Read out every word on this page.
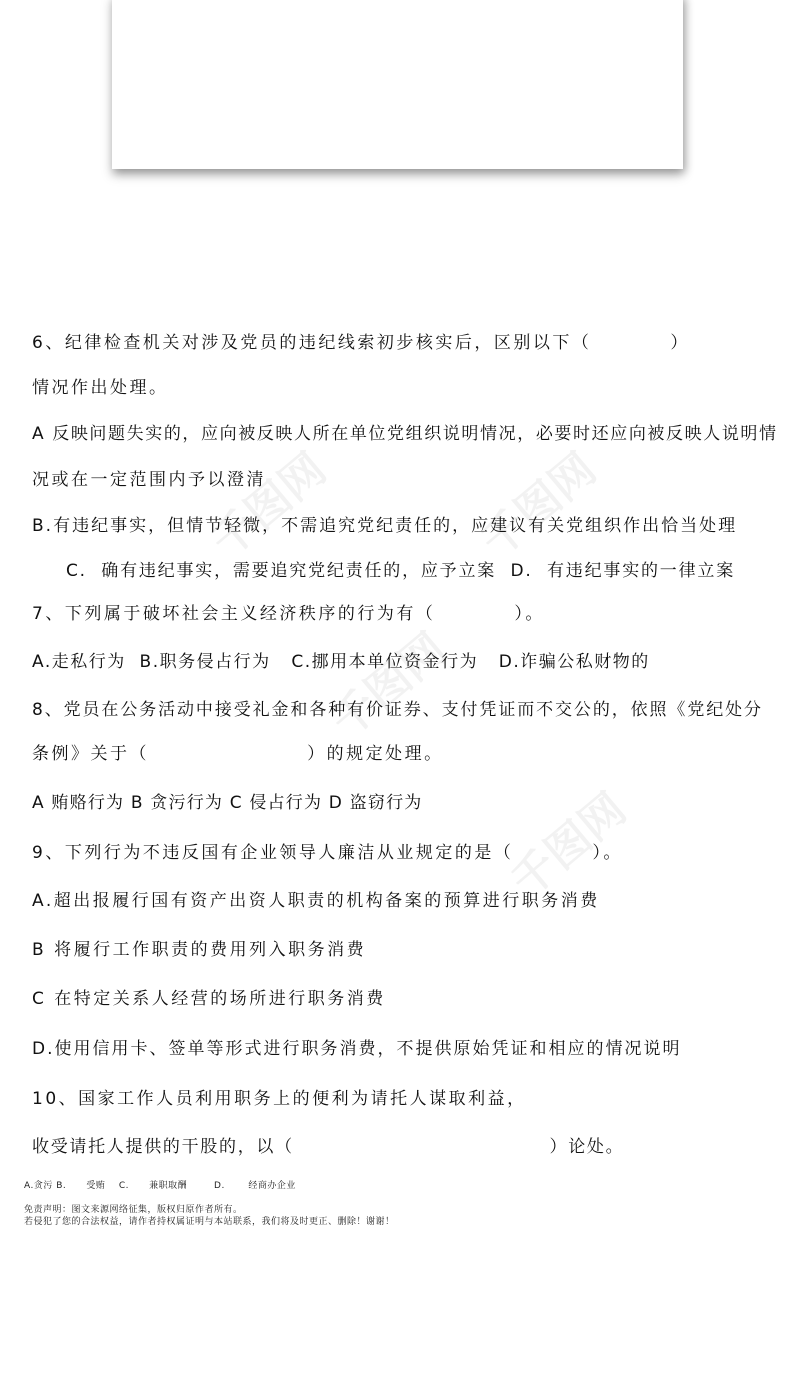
千图网	千图网
千图网
千图网
6、纪律检查机关对涉及党员的违纪线索初步核实后，区别以下（          ）
情况作出处理。
A 反映问题失实的，应向被反映人所在单位党组织说明情况，必要时还应向被反映人说明情
况或在一定范围内予以澄清
B.有违纪事实，但情节轻微，不需追究党纪责任的，应建议有关党组织作出恰当处理
C.  确有违纪事实，需要追究党纪责任的，应予立案  D.  有违纪事实的一律立案
7、下列属于破坏社会主义经济秩序的行为有（          ）。
A.走私行为  B.职务侵占行为   C.挪用本单位资金行为   D.诈骗公私财物的
8、党员在公务活动中接受礼金和各种有价证券、支付凭证而不交公的，依照《党纪处分
条例》关于（                    ）的规定处理。
A 贿赂行为 B 贪污行为 C 侵占行为 D 盗窃行为
9、下列行为不违反国有企业领导人廉洁从业规定的是（          ）。
A.超出报履行国有资产出资人职责的机构备案的预算进行职务消费
B 将履行工作职责的费用列入职务消费
C 在特定关系人经营的场所进行职务消费
D.使用信用卡、签单等形式进行职务消费，不提供原始凭证和相应的情况说明
10、国家工作人员利用职务上的便利为请托人谋取利益，
收受请托人提供的干股的，以（                                    ）论处。
A.贪污 B.      受贿    C.      兼职取酬        D.       经商办企业
免责声明：图文来源网络征集，版权归原作者所有。
若侵犯了您的合法权益，请作者持权属证明与本站联系，我们将及时更正、删除！谢谢！
